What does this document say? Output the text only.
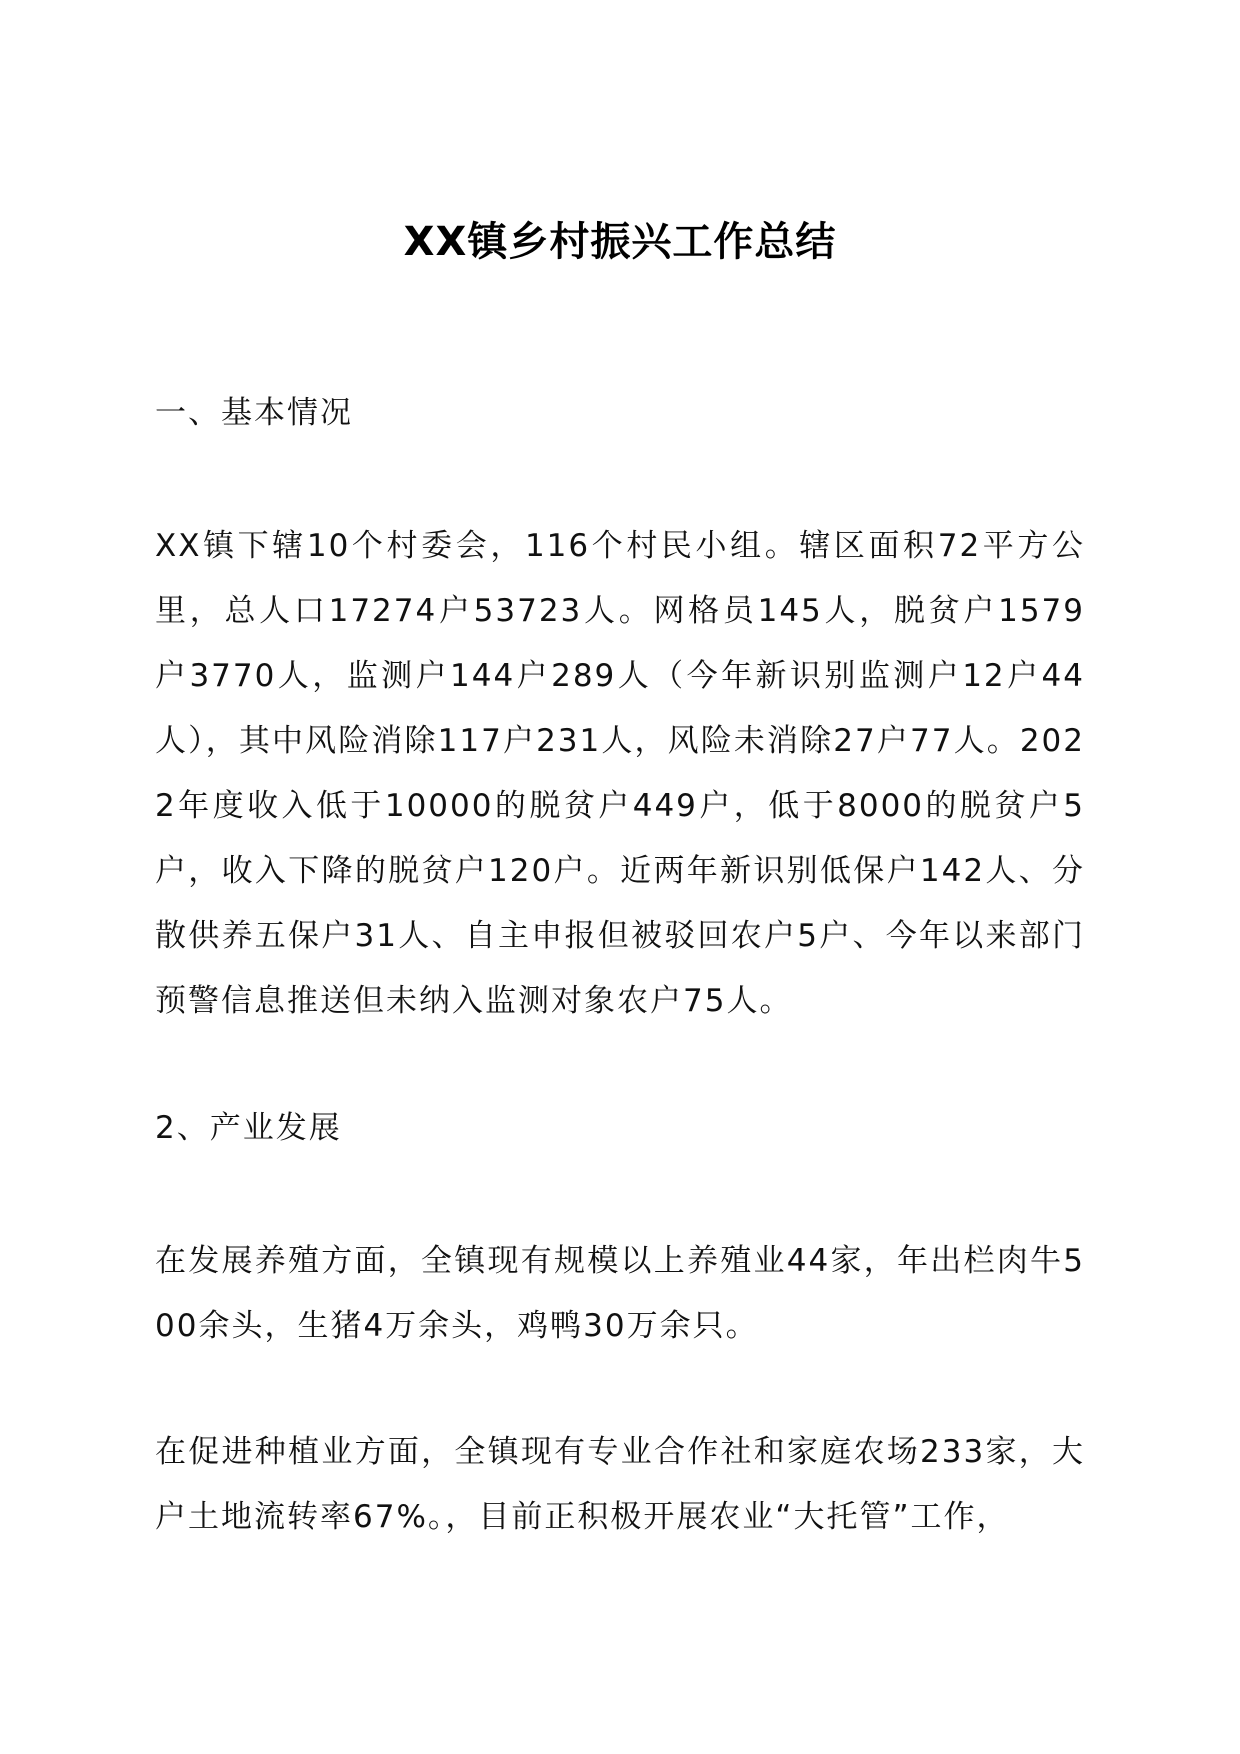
XX镇乡村振兴工作总结
一、基本情况
XX镇下辖10个村委会，116个村民小组。辖区面积72平方公里，总人口17274户53723人。网格员145人，脱贫户1579户3770人，监测户144户289人（今年新识别监测户12户44人），其中风险消除117户231人，风险未消除27户77人。2022年度收入低于10000的脱贫户449户，低于8000的脱贫户5户，收入下降的脱贫户120户。近两年新识别低保户142人、分散供养五保户31人、自主申报但被驳回农户5户、今年以来部门预警信息推送但未纳入监测对象农户75人。
2、产业发展
在发展养殖方面，全镇现有规模以上养殖业44家，年出栏肉牛500余头，生猪4万余头，鸡鸭30万余只。
在促进种植业方面，全镇现有专业合作社和家庭农场233家，大户土地流转率67%。，目前正积极开展农业“大托管”工作，
